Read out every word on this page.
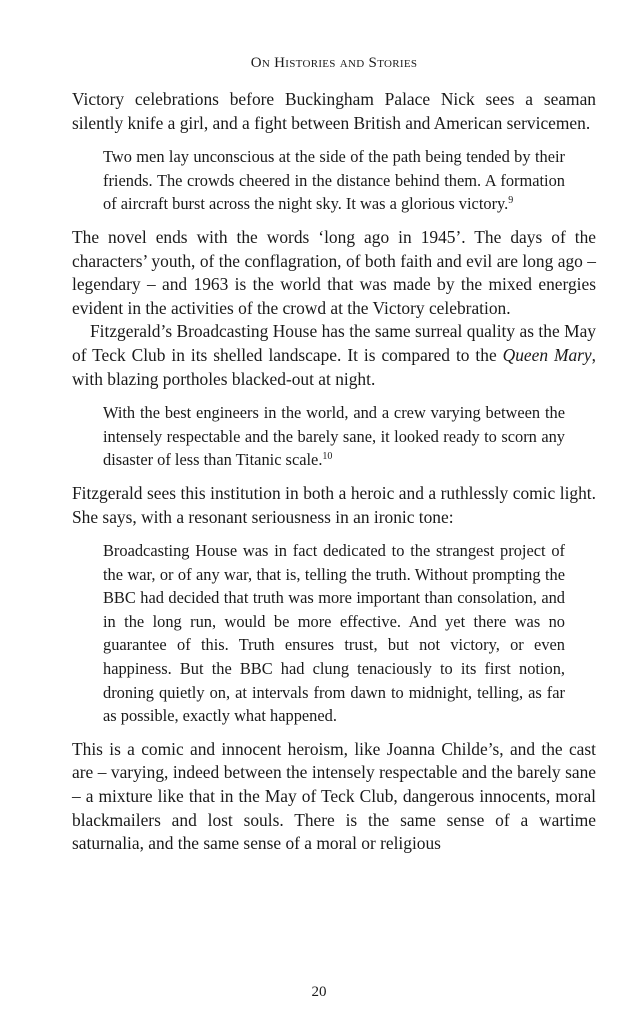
On Histories and Stories

Victory celebrations before Buckingham Palace Nick sees a seaman silently knife a girl, and a fight between British and American servicemen.

Two men lay unconscious at the side of the path being tended by their friends. The crowds cheered in the distance behind them. A formation of aircraft burst across the night sky. It was a glorious victory.$^9$

The novel ends with the words ‘long ago in 1945’. The days of the characters’ youth, of the conflagration, of both faith and evil are long ago – legendary – and 1963 is the world that was made by the mixed energies evident in the activities of the crowd at the Victory celebration.

Fitzgerald’s Broadcasting House has the same surreal quality as the May of Teck Club in its shelled landscape. It is compared to the Queen Mary, with blazing portholes blacked-out at night.

With the best engineers in the world, and a crew varying between the intensely respectable and the barely sane, it looked ready to scorn any disaster of less than Titanic scale.$^{10}$

Fitzgerald sees this institution in both a heroic and a ruthlessly comic light. She says, with a resonant seriousness in an ironic tone:

Broadcasting House was in fact dedicated to the strangest project of the war, or of any war, that is, telling the truth. Without prompting the BBC had decided that truth was more important than consolation, and in the long run, would be more effective. And yet there was no guarantee of this. Truth ensures trust, but not victory, or even happiness. But the BBC had clung tenaciously to its first notion, droning quietly on, at intervals from dawn to midnight, telling, as far as possible, exactly what happened.

This is a comic and innocent heroism, like Joanna Childe’s, and the cast are – varying, indeed between the intensely respectable and the barely sane – a mixture like that in the May of Teck Club, dangerous innocents, moral blackmailers and lost souls. There is the same sense of a wartime saturnalia, and the same sense of a moral or religious

20
